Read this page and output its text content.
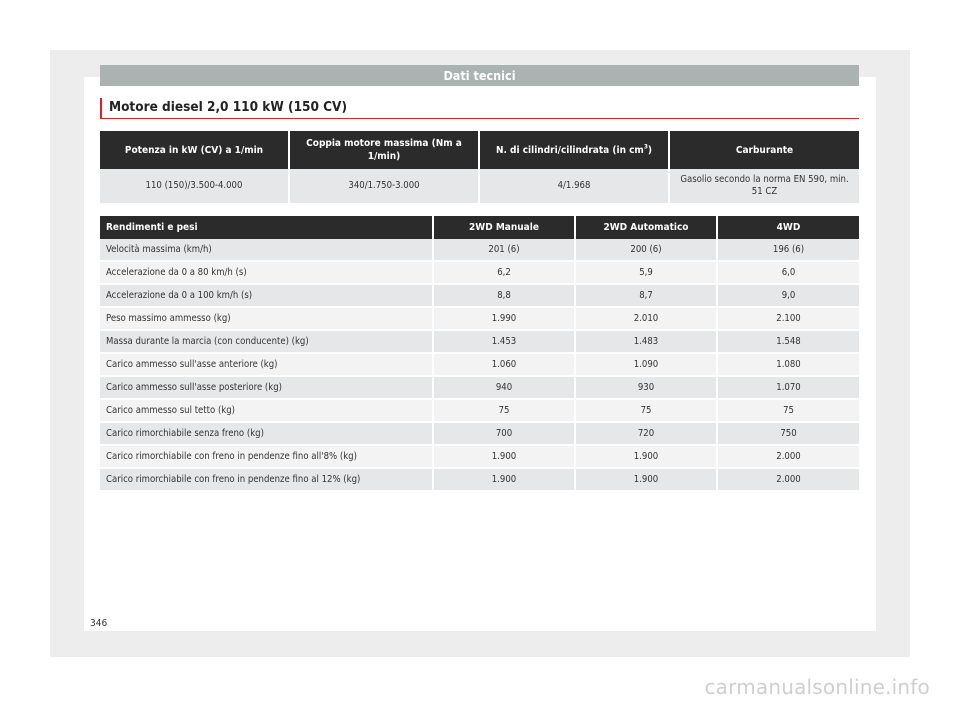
Dati tecnici
Motore diesel 2,0 110 kW (150 CV)
Potenza in kW (CV) a 1/min	Coppia motore massima (Nm a 1/min)	N. di cilindri/cilindrata (in $cm^3$)	Carburante
110 (150)/3.500-4.000	340/1.750-3.000	4/1.968	Gasolio secondo la norma EN 590, min. 51 CZ
Rendimenti e pesi	2WD Manuale	2WD Automatico	4WD
Velocità massima (km/h)	201 (6)	200 (6)	196 (6)
Accelerazione da 0 a 80 km/h (s)	6,2	5,9	6,0
Accelerazione da 0 a 100 km/h (s)	8,8	8,7	9,0
Peso massimo ammesso (kg)	1.990	2.010	2.100
Massa durante la marcia (con conducente) (kg)	1.453	1.483	1.548
Carico ammesso sull'asse anteriore (kg)	1.060	1.090	1.080
Carico ammesso sull'asse posteriore (kg)	940	930	1.070
Carico ammesso sul tetto (kg)	75	75	75
Carico rimorchiabile senza freno (kg)	700	720	750
Carico rimorchiabile con freno in pendenze fino all'8% (kg)	1.900	1.900	2.000
Carico rimorchiabile con freno in pendenze fino al 12% (kg)	1.900	1.900	2.000
346
carmanualsonline.info
